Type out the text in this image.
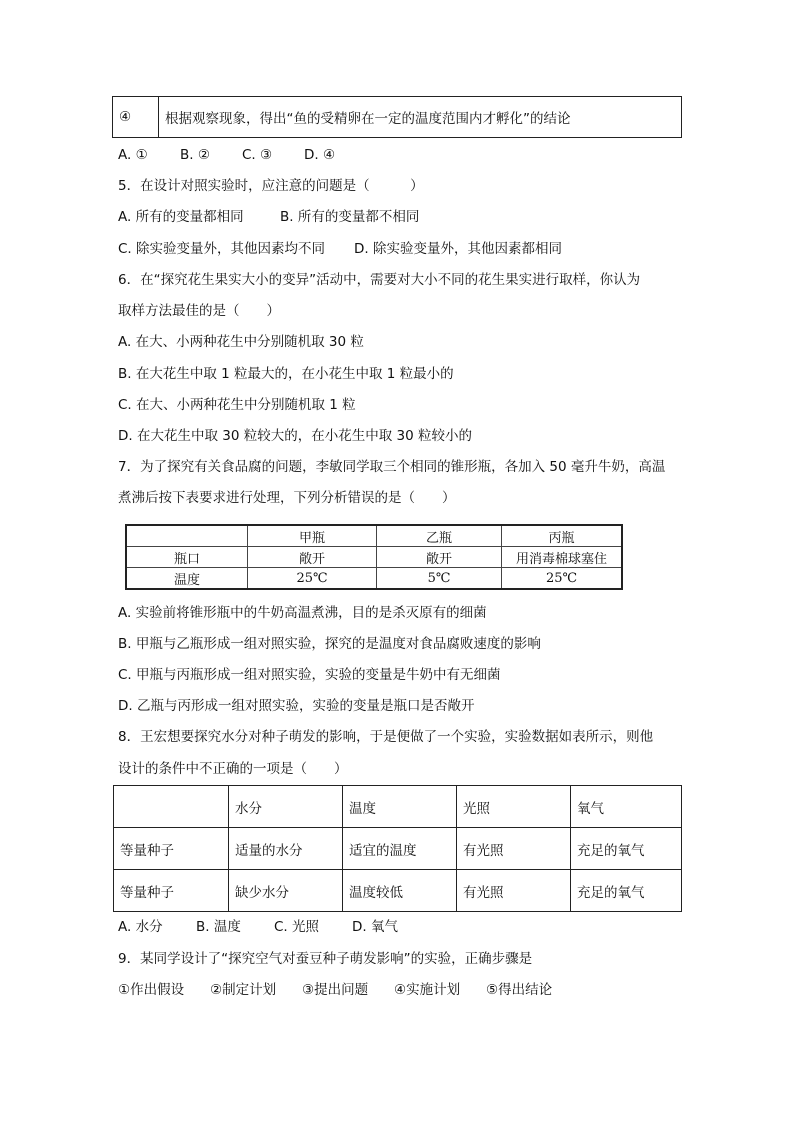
④	根据观察现象，得出“鱼的受精卵在一定的温度范围内才孵化”的结论
A. ① B. ② C. ③ D. ④
5．在设计对照实验时，应注意的问题是（　　　）
A. 所有的变量都相同	B. 所有的变量都不相同
C. 除实验变量外，其他因素均不同 D. 除实验变量外，其他因素都相同
6．在“探究花生果实大小的变异”活动中，需要对大小不同的花生果实进行取样，你认为
取样方法最佳的是（　　）
A. 在大、小两种花生中分别随机取 30 粒
B. 在大花生中取 1 粒最大的，在小花生中取 1 粒最小的
C. 在大、小两种花生中分别随机取 1 粒
D. 在大花生中取 30 粒较大的，在小花生中取 30 粒较小的
7．为了探究有关食品腐的问题，李敏同学取三个相同的锥形瓶，各加入 50 毫升牛奶，高温
煮沸后按下表要求进行处理，下列分析错误的是（　　）
	甲瓶	乙瓶	丙瓶
瓶口	敞开	敞开	用消毒棉球塞住
温度	25℃	5℃	25℃
A. 实验前将锥形瓶中的牛奶高温煮沸，目的是杀灭原有的细菌
B. 甲瓶与乙瓶形成一组对照实验，探究的是温度对食品腐败速度的影响
C. 甲瓶与丙瓶形成一组对照实验，实验的变量是牛奶中有无细菌
D. 乙瓶与丙形成一组对照实验，实验的变量是瓶口是否敞开
8．王宏想要探究水分对种子萌发的影响，于是便做了一个实验，实验数据如表所示，则他
设计的条件中不正确的一项是（　　）
	水分	温度	光照	氧气
等量种子	适量的水分	适宜的温度	有光照	充足的氧气
等量种子	缺少水分	温度较低	有光照	充足的氧气
A. 水分 B. 温度 C. 光照 D. 氧气
9．某同学设计了“探究空气对蚕豆种子萌发影响”的实验，正确步骤是
①作出假设 ②制定计划 ③提出问题 ④实施计划 ⑤得出结论
